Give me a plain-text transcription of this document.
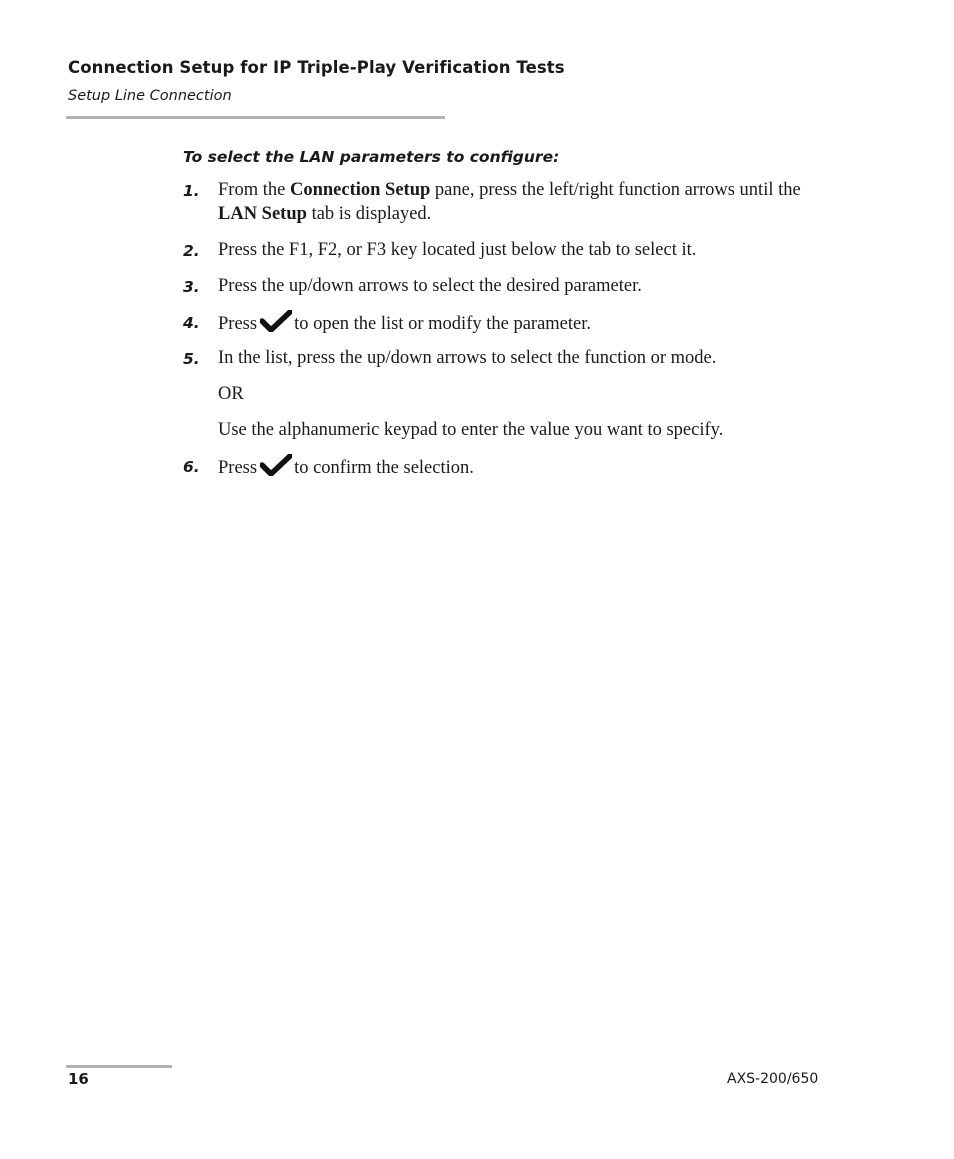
Connection Setup for IP Triple-Play Verification Tests
Setup Line Connection
To select the LAN parameters to configure:
1. From the Connection Setup pane, press the left/right function arrows until the LAN Setup tab is displayed.
2. Press the F1, F2, or F3 key located just below the tab to select it.
3. Press the up/down arrows to select the desired parameter.
4. Press to open the list or modify the parameter.
5. In the list, press the up/down arrows to select the function or mode.
OR
Use the alphanumeric keypad to enter the value you want to specify.
6. Press to confirm the selection.
16	AXS-200/650
